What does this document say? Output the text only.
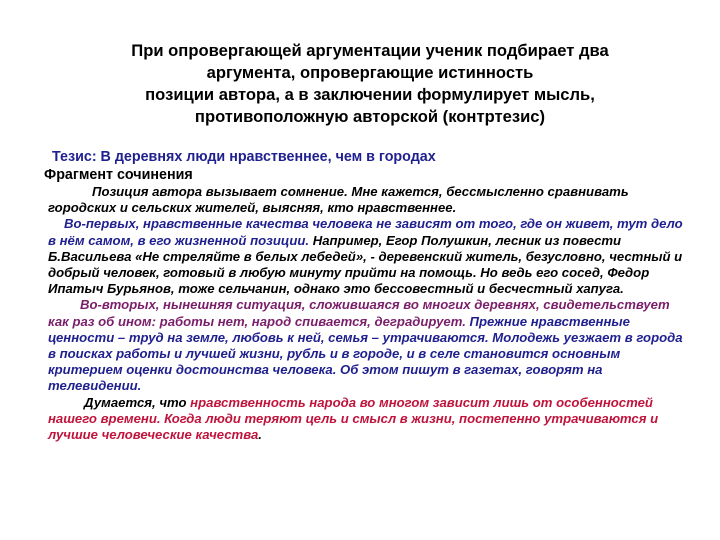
При опровергающей аргументации ученик подбирает два
аргумента, опровергающие истинность
позиции автора, а в заключении формулирует мысль,
противоположную авторской (контртезис)
Тезис: В деревнях люди нравственнее, чем в городах
Фрагмент сочинения

Позиция автора вызывает сомнение. Мне кажется, бессмысленно сравнивать городских и сельских жителей, выясняя, кто нравственнее.

Во-первых, нравственные качества человека не зависят от того, где он живет, тут дело в нём самом, в его жизненной позиции. Например, Егор Полушкин, лесник из повести Б.Васильева «Не стреляйте в белых лебедей», - деревенский житель, безусловно, честный и добрый человек, готовый в любую минуту прийти на помощь. Но ведь его сосед, Федор Ипатыч Бурьянов, тоже сельчанин, однако это бессовестный и бесчестный хапуга.

Во-вторых, нынешняя ситуация, сложившаяся во многих деревнях, свидетельствует как раз об ином: работы нет, народ спивается, деградирует. Прежние нравственные ценности – труд на земле, любовь к ней, семья – утрачиваются. Молодежь уезжает в города в поисках работы и лучшей жизни, рубль и в городе, и в селе становится основным критерием оценки достоинства человека. Об этом пишут в газетах, говорят на телевидении.

Думается, что нравственность народа во многом зависит лишь от особенностей нашего времени. Когда люди теряют цель и смысл в жизни, постепенно утрачиваются и лучшие человеческие качества.
